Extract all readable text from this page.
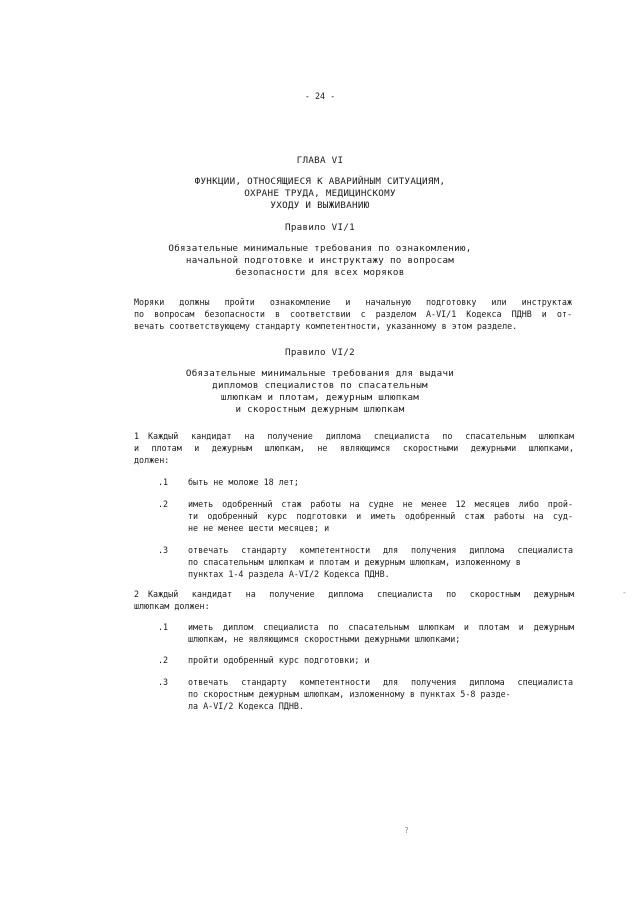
- 24 -
ГЛАВА VI
ФУНКЦИИ, ОТНОСЯЩИЕСЯ К АВАРИЙНЫМ СИТУАЦИЯМ,
ОХРАНЕ ТРУДА, МЕДИЦИНСКОМУ
УХОДУ И ВЫЖИВАНИЮ
Правило VI/1
Обязательные минимальные требования по ознакомлению,
начальной подготовке и инструктажу по вопросам
безопасности для всех моряков
Моряки должны пройти ознакомление и начальную подготовку или инструктаж
по вопросам безопасности в соответствии с разделом А-VI/1 Кодекса ПДНВ и от-
вечать соответствующему стандарту компетентности, указанному в этом разделе.
Правило VI/2
Обязательные минимальные требования для выдачи
дипломов специалистов по спасательным
шлюпкам и плотам, дежурным шлюпкам
и скоростным дежурным шлюпкам
1 Каждый кандидат на получение диплома специалиста по спасательным шлюпкам
и плотам и дежурным шлюпкам, не являющимся скоростными дежурными шлюпками,
должен:
.1 быть не моложе 18 лет;
.2 иметь одобренный стаж работы на судне не менее 12 месяцев либо прой-
ти одобренный курс подготовки и иметь одобренный стаж работы на суд-
не не менее шести месяцев; и
.3 отвечать стандарту компетентности для получения диплома специалиста
по спасательным шлюпкам и плотам и дежурным шлюпкам, изложенному в
пунктах 1-4 раздела А-VI/2 Кодекса ПДНВ.
2 Каждый кандидат на получение диплома специалиста по скоростным дежурным
шлюпкам должен:
.1 иметь диплом специалиста по спасательным шлюпкам и плотам и дежурным
шлюпкам, не являющимся скоростными дежурными шлюпками;
.2 пройти одобренный курс подготовки; и
.3 отвечать стандарту компетентности для получения диплома специалиста
по скоростным дежурным шлюпкам, изложенному в пунктах 5-8 разде-
ла А-VI/2 Кодекса ПДНВ.
-
?
